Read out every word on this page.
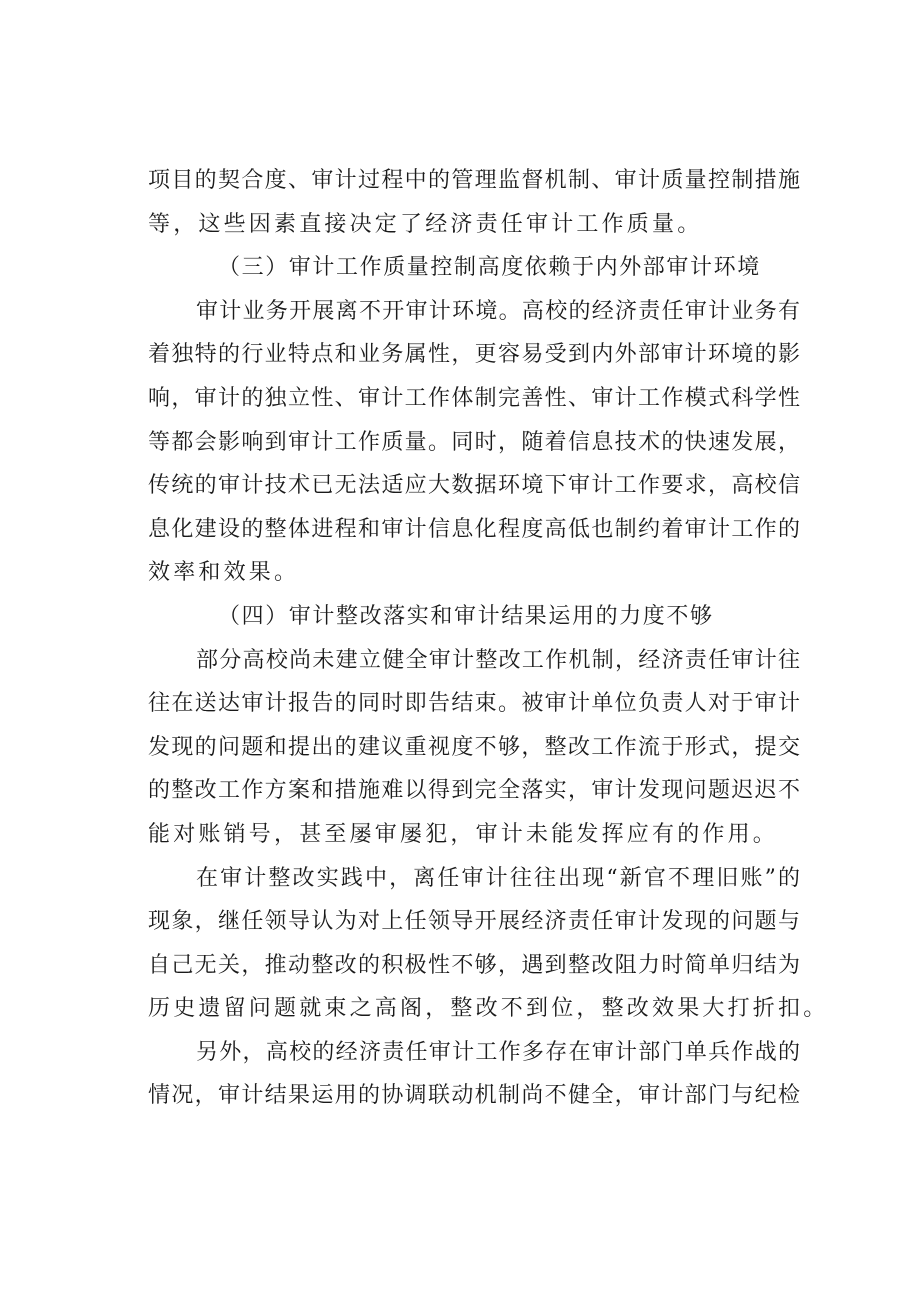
项目的契合度、审计过程中的管理监督机制、审计质量控制措施
等，这些因素直接决定了经济责任审计工作质量。
（三）审计工作质量控制高度依赖于内外部审计环境
审计业务开展离不开审计环境。高校的经济责任审计业务有
着独特的行业特点和业务属性，更容易受到内外部审计环境的影
响，审计的独立性、审计工作体制完善性、审计工作模式科学性
等都会影响到审计工作质量。同时，随着信息技术的快速发展，
传统的审计技术已无法适应大数据环境下审计工作要求，高校信
息化建设的整体进程和审计信息化程度高低也制约着审计工作的
效率和效果。
（四）审计整改落实和审计结果运用的力度不够
部分高校尚未建立健全审计整改工作机制，经济责任审计往
往在送达审计报告的同时即告结束。被审计单位负责人对于审计
发现的问题和提出的建议重视度不够，整改工作流于形式，提交
的整改工作方案和措施难以得到完全落实，审计发现问题迟迟不
能对账销号，甚至屡审屡犯，审计未能发挥应有的作用。
在审计整改实践中，离任审计往往出现“新官不理旧账”的
现象，继任领导认为对上任领导开展经济责任审计发现的问题与
自己无关，推动整改的积极性不够，遇到整改阻力时简单归结为
历史遗留问题就束之高阁，整改不到位，整改效果大打折扣。
另外，高校的经济责任审计工作多存在审计部门单兵作战的
情况，审计结果运用的协调联动机制尚不健全，审计部门与纪检
